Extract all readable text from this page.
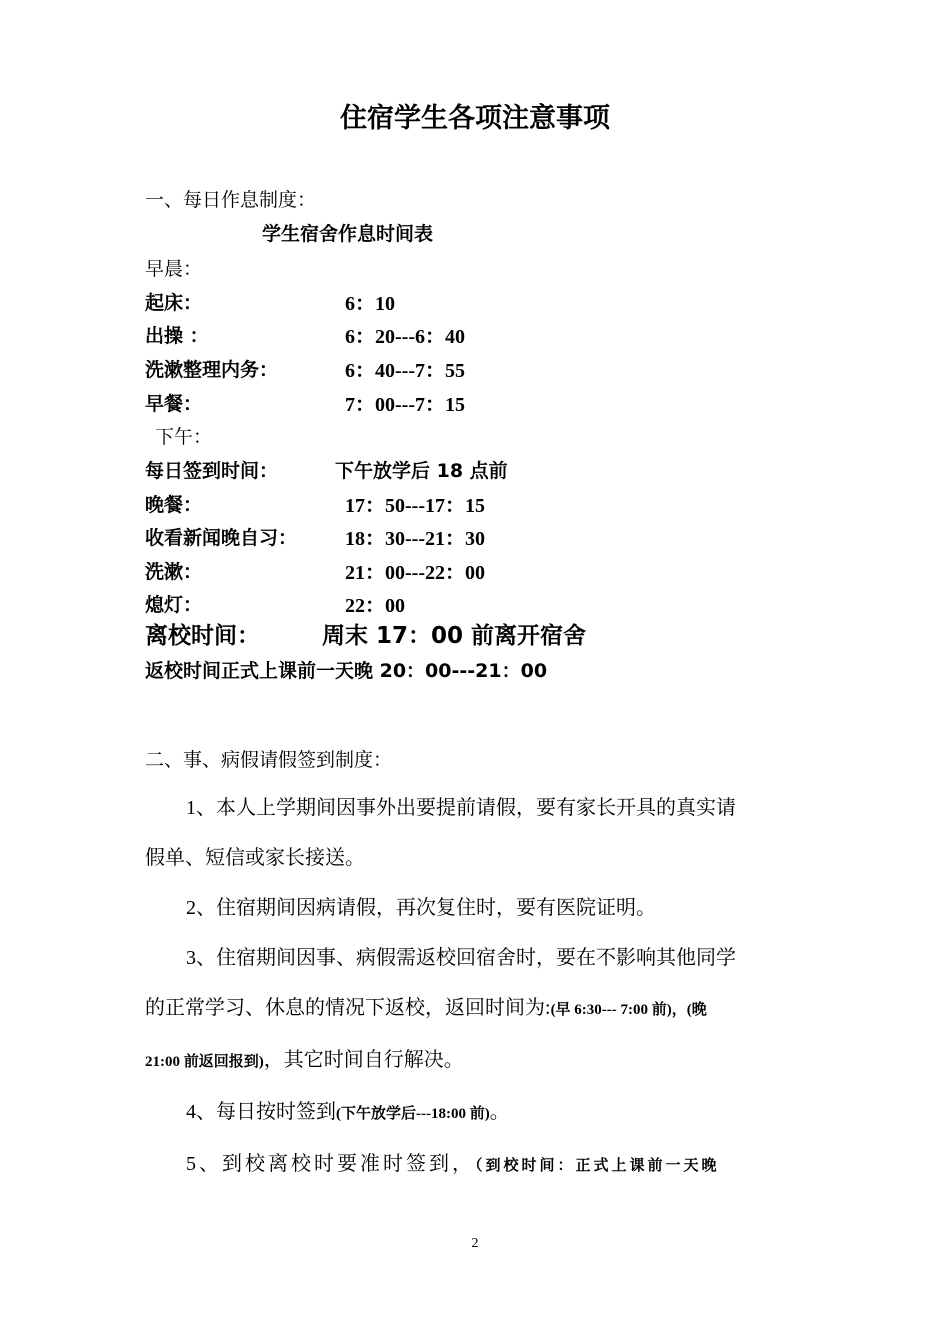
住宿学生各项注意事项
一、每日作息制度：
学生宿舍作息时间表
早晨：
起床：	6：10
出操 ：	6：20---6：40
洗漱整理内务：	6：40---7：55
早餐：	7：00---7：15
下午：
每日签到时间：	下午放学后 18 点前
晚餐：	17：50---17：15
收看新闻晚自习： 18：30---21：30
洗漱：	21：00---22：00
熄灯：	22：00
离校时间：	周末 17：00 前离开宿舍
返校时间正式上课前一天晚 20：00---21：00
二、事、病假请假签到制度：

1、本人上学期间因事外出要提前请假，要有家长开具的真实请

假单、短信或家长接送。

2、住宿期间因病请假，再次复住时，要有医院证明。

3、住宿期间因事、病假需返校回宿舍时，要在不影响其他同学

的正常学习、休息的情况下返校，返回时间为:(早 6:30--- 7:00 前)，(晚

21:00 前返回报到)，其它时间自行解决。

4、每日按时签到(下午放学后---18:00 前)。

5、到校离校时要准时签到，（到校时间：正式上课前一天晚

2
